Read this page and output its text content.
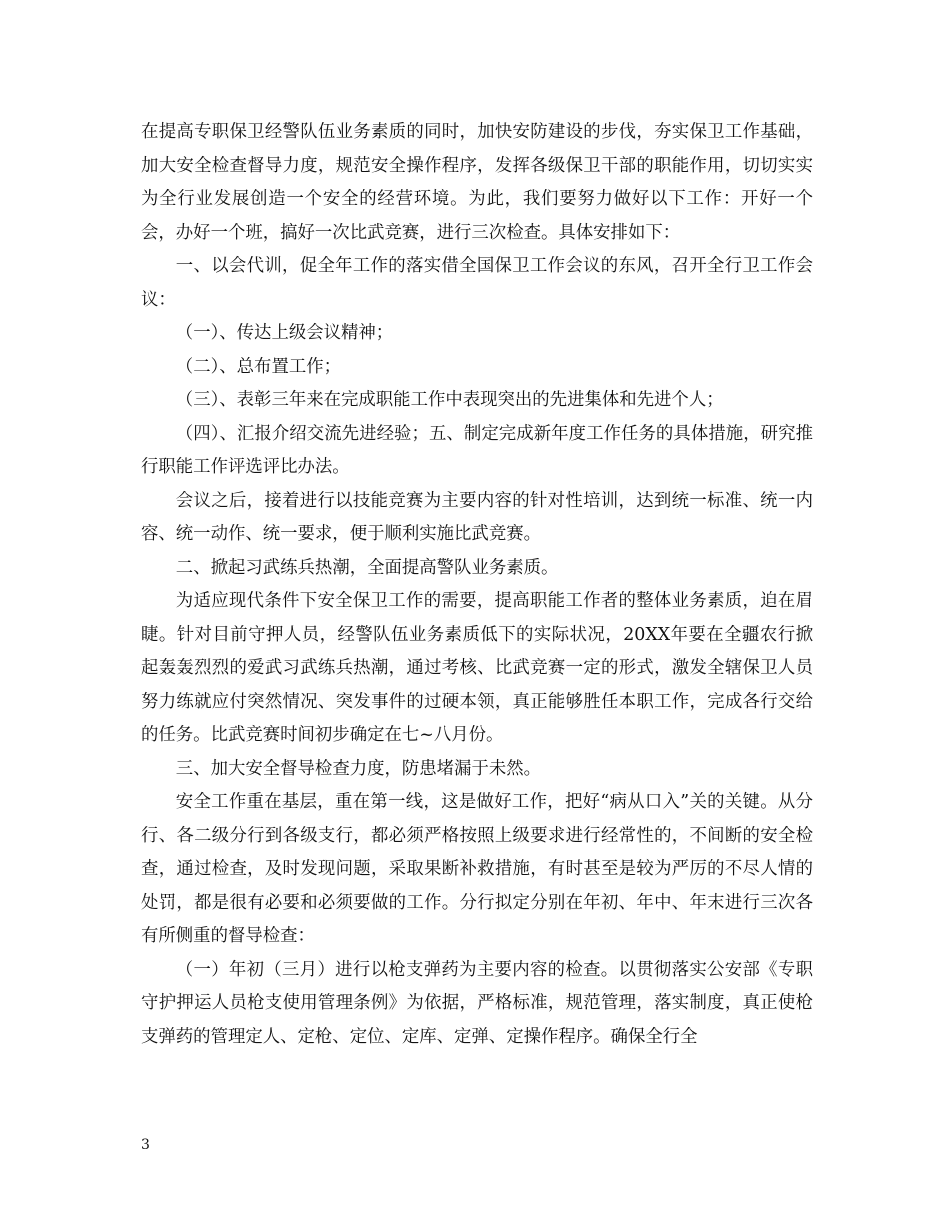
在提高专职保卫经警队伍业务素质的同时，加快安防建设的步伐，夯实保卫工作基础，加大安全检查督导力度，规范安全操作程序，发挥各级保卫干部的职能作用，切切实实为全行业发展创造一个安全的经营环境。为此，我们要努力做好以下工作：开好一个会，办好一个班，搞好一次比武竞赛，进行三次检查。具体安排如下：

一、以会代训，促全年工作的落实借全国保卫工作会议的东风，召开全行卫工作会议：

（一）、传达上级会议精神；

（二）、总布置工作；

（三）、表彰三年来在完成职能工作中表现突出的先进集体和先进个人；

（四）、汇报介绍交流先进经验；五、制定完成新年度工作任务的具体措施，研究推行职能工作评选评比办法。

会议之后，接着进行以技能竞赛为主要内容的针对性培训，达到统一标准、统一内容、统一动作、统一要求，便于顺利实施比武竞赛。

二、掀起习武练兵热潮，全面提高警队业务素质。

为适应现代条件下安全保卫工作的需要，提高职能工作者的整体业务素质，迫在眉睫。针对目前守押人员，经警队伍业务素质低下的实际状况，20XX年要在全疆农行掀起轰轰烈烈的爱武习武练兵热潮，通过考核、比武竞赛一定的形式，激发全辖保卫人员努力练就应付突然情况、突发事件的过硬本领，真正能够胜任本职工作，完成各行交给的任务。比武竞赛时间初步确定在七~八月份。

三、加大安全督导检查力度，防患堵漏于未然。

安全工作重在基层，重在第一线，这是做好工作，把好“病从口入”关的关键。从分行、各二级分行到各级支行，都必须严格按照上级要求进行经常性的，不间断的安全检查，通过检查，及时发现问题，采取果断补救措施，有时甚至是较为严厉的不尽人情的处罚，都是很有必要和必须要做的工作。分行拟定分别在年初、年中、年末进行三次各有所侧重的督导检查：

（一）年初（三月）进行以枪支弹药为主要内容的检查。以贯彻落实公安部《专职守护押运人员枪支使用管理条例》为依据，严格标准，规范管理，落实制度，真正使枪支弹药的管理定人、定枪、定位、定库、定弹、定操作程序。确保全行全

3
